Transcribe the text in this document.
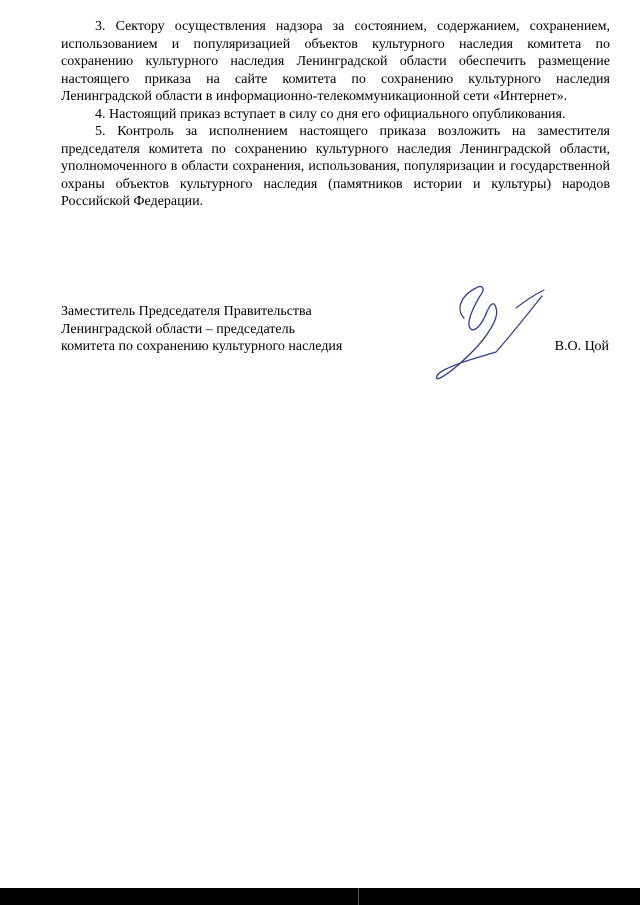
3. Сектору осуществления надзора за состоянием, содержанием, сохранением, использованием и популяризацией объектов культурного наследия комитета по сохранению культурного наследия Ленинградской области обеспечить размещение настоящего приказа на сайте комитета по сохранению культурного наследия Ленинградской области в информационно-телекоммуникационной сети «Интернет».

4. Настоящий приказ вступает в силу со дня его официального опубликования.

5. Контроль за исполнением настоящего приказа возложить на заместителя председателя комитета по сохранению культурного наследия Ленинградской области, уполномоченного в области сохранения, использования, популяризации и государственной охраны объектов культурного наследия (памятников истории и культуры) народов Российской Федерации.

Заместитель Председателя Правительства
Ленинградской области – председатель
комитета по сохранению культурного наследия	В.О. Цой
